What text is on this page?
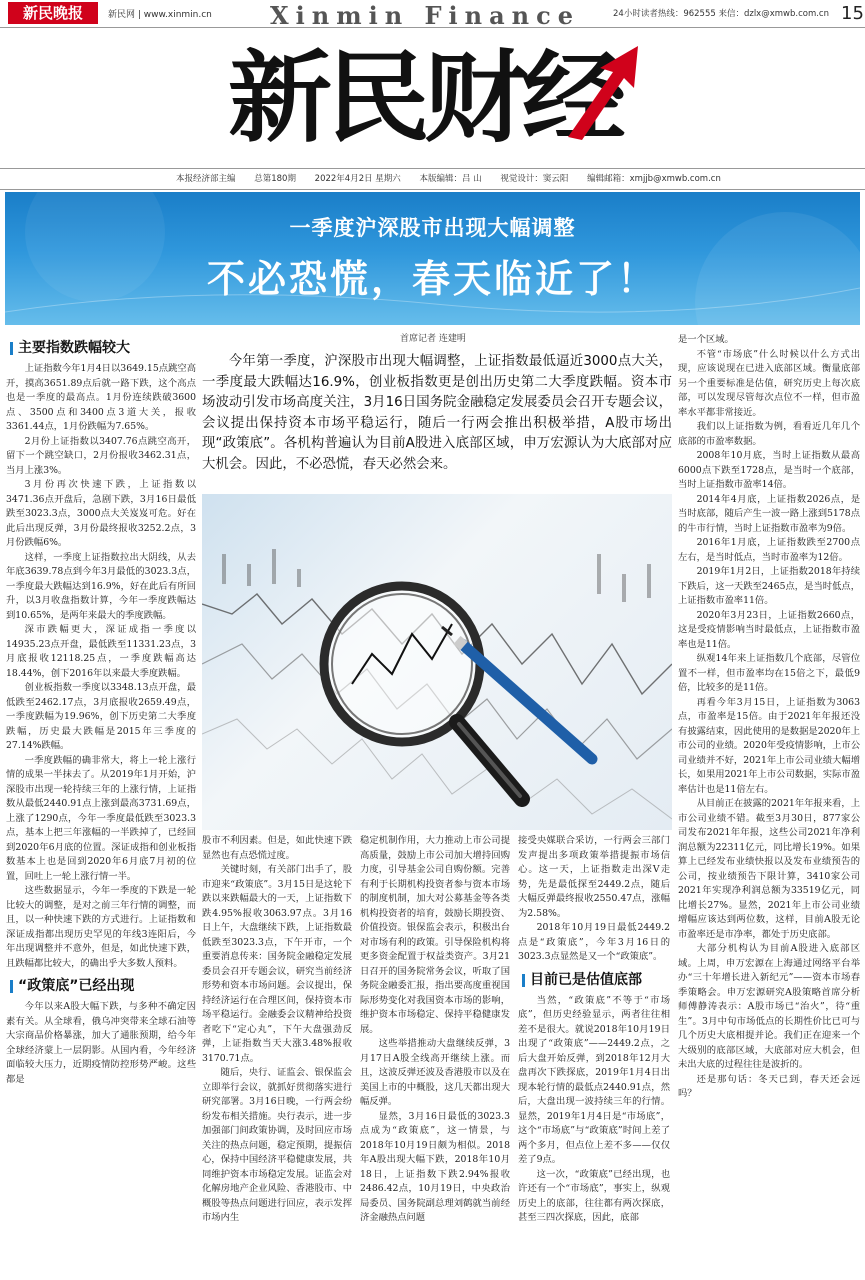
新民晚报	新民网 | www.xinmin.cn Xinmin Finance	24小时读者热线：962555 来信：dzlx@xmwb.com.cn 15
新民财经
本报经济部主编 总第180期 2022年4月2日 星期六 本版编辑：吕 山 视觉设计：窦云阳 编辑邮箱：xmjjb@xmwb.com.cn
一季度沪深股市出现大幅调整
不必恐慌，春天临近了！
首席记者 连建明
今年第一季度，沪深股市出现大幅调整，上证指数最低逼近3000点大关，一季度最大跌幅达16.9%，创业板指数更是创出历史第二大季度跌幅。资本市场波动引发市场高度关注，3月16日国务院金融稳定发展委员会召开专题会议，会议提出保持资本市场平稳运行，随后一行两会推出积极举措，A股市场出现“政策底”。各机构普遍认为目前A股进入底部区域，申万宏源认为大底部对应大机会。因此，不必恐慌，春天必然会来。
主要指数跌幅较大

上证指数今年1月4日以3649.15点跳空高开，摸高3651.89点后就一路下跌，这个高点也是一季度的最高点。1月份连续跌破3600点、3500点和3400点3道大关，报收3361.44点，1月份跌幅为7.65%。

2月份上证指数以3407.76点跳空高开，留下一个跳空缺口，2月份报收3462.31点，当月上涨3%。

3月份再次快速下跌，上证指数以3471.36点开盘后，急剧下跌，3月16日最低跌至3023.3点，3000点大关岌岌可危。好在此后出现反弹，3月份最终报收3252.2点，3月份跌幅6%。

这样，一季度上证指数拉出大阴线，从去年底3639.78点到今年3月最低的3023.3点，一季度最大跌幅达到16.9%，好在此后有所回升，以3月收盘指数计算，今年一季度跌幅达到10.65%，是两年来最大的季度跌幅。

深市跌幅更大，深证成指一季度以14935.23点开盘，最低跌至11331.23点，3月底报收12118.25点，一季度跌幅高达18.44%，创下2016年以来最大季度跌幅。

创业板指数一季度以3348.13点开盘，最低跌至2462.17点，3月底报收2659.49点，一季度跌幅为19.96%，创下历史第二大季度跌幅，历史最大跌幅是2015年三季度的27.14%跌幅。

一季度跌幅的确非常大，将上一轮上涨行情的成果一半抹去了。从2019年1月开始，沪深股市出现一轮持续三年的上涨行情，上证指数从最低2440.91点上涨到最高3731.69点，上涨了1290点，今年一季度最低跌至3023.3点，基本上把三年涨幅的一半跌掉了，已经回到2020年6月底的位置。深证成指和创业板指数基本上也是回到2020年6月底7月初的位置，回吐上一轮上涨行情一半。

这些数据显示，今年一季度的下跌是一轮比较大的调整，是对之前三年行情的调整，而且，以一种快速下跌的方式进行。上证指数和深证成指都出现历史罕见的年线3连阳后，今年出现调整并不意外，但是，如此快速下跌，且跌幅都比较大，的确出乎大多数人预料。

“政策底”已经出现

今年以来A股大幅下跌，与多种不确定因素有关。从全球看，俄乌冲突带来全球石油等大宗商品价格暴涨，加大了通胀预期，给今年全球经济蒙上一层阴影。从国内看，今年经济面临较大压力，近期疫情防控形势严峻。这些都是

股市不利因素。但是，如此快速下跌显然也有点恐慌过度。

关键时刻，有关部门出手了，股市迎来“政策底”。3月15日是这轮下跌以来跌幅最大的一天，上证指数下跌4.95%报收3063.97点。3月16日上午，大盘继续下跌，上证指数最低跌至3023.3点，下午开市，一个重要消息传来：国务院金融稳定发展委员会召开专题会议，研究当前经济形势和资本市场问题。会议提出，保持经济运行在合理区间，保持资本市场平稳运行。金融委会议精神给投资者吃下“定心丸”，下午大盘强劲反弹，上证指数当天大涨3.48%报收3170.71点。

随后，央行、证监会、银保监会立即举行会议，就抓好贯彻落实进行研究部署。3月16日晚，一行两会纷纷发布相关措施。央行表示，进一步加强部门间政策协调，及时回应市场关注的热点问题，稳定预期，提振信心，保持中国经济平稳健康发展，共同维护资本市场稳定发展。证监会对化解房地产企业风险、香港股市、中概股等热点问题进行回应，表示发挥市场内生

稳定机制作用，大力推动上市公司提高质量，鼓励上市公司加大增持回购力度，引导基金公司自购份额。完善有利于长期机构投资者参与资本市场的制度机制，加大对公募基金等各类机构投资者的培育，鼓励长期投资、价值投资。银保监会表示，积极出台对市场有利的政策。引导保险机构将更多资金配置于权益类资产。3月21日召开的国务院常务会议，听取了国务院金融委汇报，指出要高度重视国际形势变化对我国资本市场的影响，维护资本市场稳定、保持平稳健康发展。

这些举措推动大盘继续反弹，3月17日A股全线高开继续上涨。而且，这波反弹还波及香港股市以及在美国上市的中概股，这几天都出现大幅反弹。

显然，3月16日最低的3023.3点成为“政策底”，这一情景，与2018年10月19日颇为相似。2018年A股出现大幅下跌，2018年10月18日，上证指数下跌2.94%报收2486.42点，10月19日，中央政治局委员、国务院副总理刘鹤就当前经济金融热点问题

接受央媒联合采访，一行两会三部门发声提出多项政策举措提振市场信心。这一天，上证指数走出深V走势，先是最低探至2449.2点，随后大幅反弹最终报收2550.47点，涨幅为2.58%。

2018年10月19日最低2449.2点是“政策底”，今年3月16日的3023.3点显然是又一个“政策底”。

目前已是估值底部

当然，“政策底”不等于“市场底”，但历史经验显示，两者往往相差不是很大。就说2018年10月19日出现了“政策底”——2449.2点，之后大盘开始反弹，到2018年12月大盘再次下跌探底，2019年1月4日出现本轮行情的最低点2440.91点，然后，大盘出现一波持续三年的行情。显然，2019年1月4日是“市场底”，这个“市场底”与“政策底”时间上差了两个多月，但点位上差不多——仅仅差了9点。

这一次，“政策底”已经出现，也许还有一个“市场底”，事实上，纵观历史上的底部，往往都有两次探底，甚至三四次探底，因此，底部

是一个区域。

不管“市场底”什么时候以什么方式出现，应该说现在已进入底部区域。衡量底部另一个重要标准是估值，研究历史上每次底部，可以发现尽管每次点位不一样，但市盈率水平都非常接近。

我们以上证指数为例，看看近几年几个底部的市盈率数据。

2008年10月底，当时上证指数从最高6000点下跌至1728点，是当时一个底部，当时上证指数市盈率14倍。

2014年4月底，上证指数2026点，是当时底部，随后产生一波一路上涨到5178点的牛市行情，当时上证指数市盈率为9倍。

2016年1月底，上证指数跌至2700点左右，是当时低点，当时市盈率为12倍。

2019年1月2日，上证指数2018年持续下跌后，这一天跌至2465点，是当时低点，上证指数市盈率11倍。

2020年3月23日，上证指数2660点，这是受疫情影响当时最低点，上证指数市盈率也是11倍。

纵观14年来上证指数几个底部，尽管位置不一样，但市盈率均在15倍之下，最低9倍，比较多的是11倍。

再看今年3月15日，上证指数为3063点，市盈率是15倍。由于2021年年报还没有披露结束，因此使用的是数据是2020年上市公司的业绩。2020年受疫情影响，上市公司业绩并不好，2021年上市公司业绩大幅增长，如果用2021年上市公司数据，实际市盈率估计也是11倍左右。

从目前正在披露的2021年年报来看，上市公司业绩不错。截至3月30日，877家公司发布2021年年报，这些公司2021年净利润总额为22311亿元，同比增长19%。如果算上已经发布业绩快报以及发布业绩预告的公司，按业绩预告下限计算，3410家公司2021年实现净利润总额为33519亿元，同比增长27%。显然，2021年上市公司业绩增幅应该达到两位数，这样，目前A股无论市盈率还是市净率，都处于历史底部。

大部分机构认为目前A股进入底部区域。上周，申万宏源在上海通过网络平台举办“三十年增长进入新纪元”——资本市场春季策略会。申万宏源研究A股策略首席分析师傅静涛表示：A股市场已“治火”，待“重生”。3月中旬市场低点的长期性价比已可与几个历史大底相提并论。我们正在迎来一个大级别的底部区域，大底部对应大机会，但未出大底的过程往往是波折的。

还是那句话：冬天已到，春天还会远吗？
